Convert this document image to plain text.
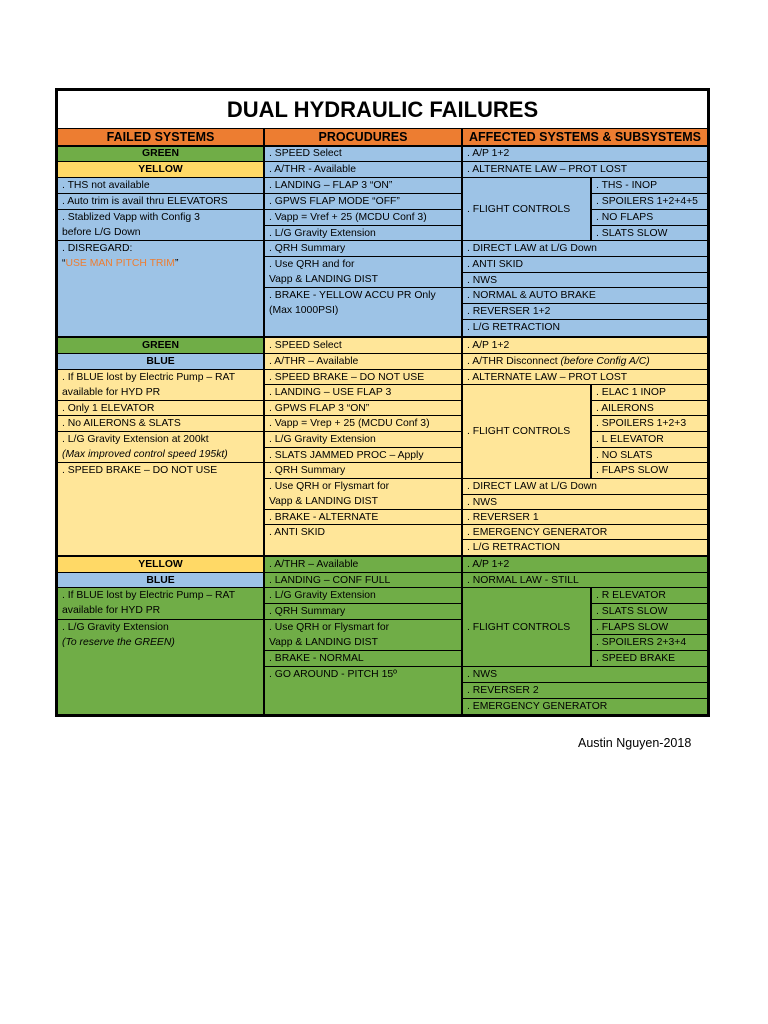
DUAL HYDRAULIC FAILURES
FAILED SYSTEMS	PROCUDURES	AFFECTED SYSTEMS & SUBSYSTEMS
GREEN
YELLOW
. THS not available
. Auto trim is avail thru ELEVATORS
. Stablized Vapp with Config 3
before L/G Down
. DISREGARD:
“USE MAN PITCH TRIM”
. SPEED Select
. A/THR - Available
. LANDING – FLAP 3 “ON”
. GPWS FLAP MODE “OFF”
. Vapp = Vref + 25 (MCDU Conf 3)
. L/G Gravity Extension
. QRH Summary
. Use QRH and for
Vapp & LANDING DIST
. BRAKE - YELLOW ACCU PR Only
(Max 1000PSI)
. A/P 1+2
. ALTERNATE LAW – PROT LOST
. FLIGHT CONTROLS
. THS - INOP
. SPOILERS 1+2+4+5
. NO FLAPS
. SLATS SLOW
. DIRECT LAW at L/G Down
. ANTI SKID
. NWS
. NORMAL & AUTO BRAKE
. REVERSER 1+2
. L/G RETRACTION
GREEN
BLUE
. If BLUE lost by Electric Pump – RAT
available for HYD PR
. Only 1 ELEVATOR
. No AILERONS & SLATS
. L/G Gravity Extension at 200kt
(Max improved control speed 195kt)
. SPEED BRAKE – DO NOT USE
. SPEED Select
. A/THR – Available
. SPEED BRAKE – DO NOT USE
. LANDING – USE FLAP 3
. GPWS FLAP 3 “ON”
. Vapp = Vrep + 25 (MCDU Conf 3)
. L/G Gravity Extension
. SLATS JAMMED PROC – Apply
. QRH Summary
. Use QRH or Flysmart for
Vapp & LANDING DIST
. BRAKE - ALTERNATE
. ANTI SKID
. A/P 1+2
. A/THR Disconnect (before Config A/C)
. ALTERNATE LAW – PROT LOST
. FLIGHT CONTROLS
. ELAC 1 INOP
. AILERONS
. SPOILERS 1+2+3
. L ELEVATOR
. NO SLATS
. FLAPS SLOW
. DIRECT LAW at L/G Down
. NWS
. REVERSER 1
. EMERGENCY GENERATOR
. L/G RETRACTION
YELLOW
BLUE
. If BLUE lost by Electric Pump – RAT
available for HYD PR
. L/G Gravity Extension
(To reserve the GREEN)
. A/THR – Available
. LANDING – CONF FULL
. L/G Gravity Extension
. QRH Summary
. Use QRH or Flysmart for
Vapp & LANDING DIST
. BRAKE - NORMAL
. GO AROUND - PITCH 15º
. A/P 1+2
. NORMAL LAW - STILL
. FLIGHT CONTROLS
. R ELEVATOR
. SLATS SLOW
. FLAPS SLOW
. SPOILERS 2+3+4
. SPEED BRAKE
. NWS
. REVERSER 2
. EMERGENCY GENERATOR
Austin Nguyen-2018
